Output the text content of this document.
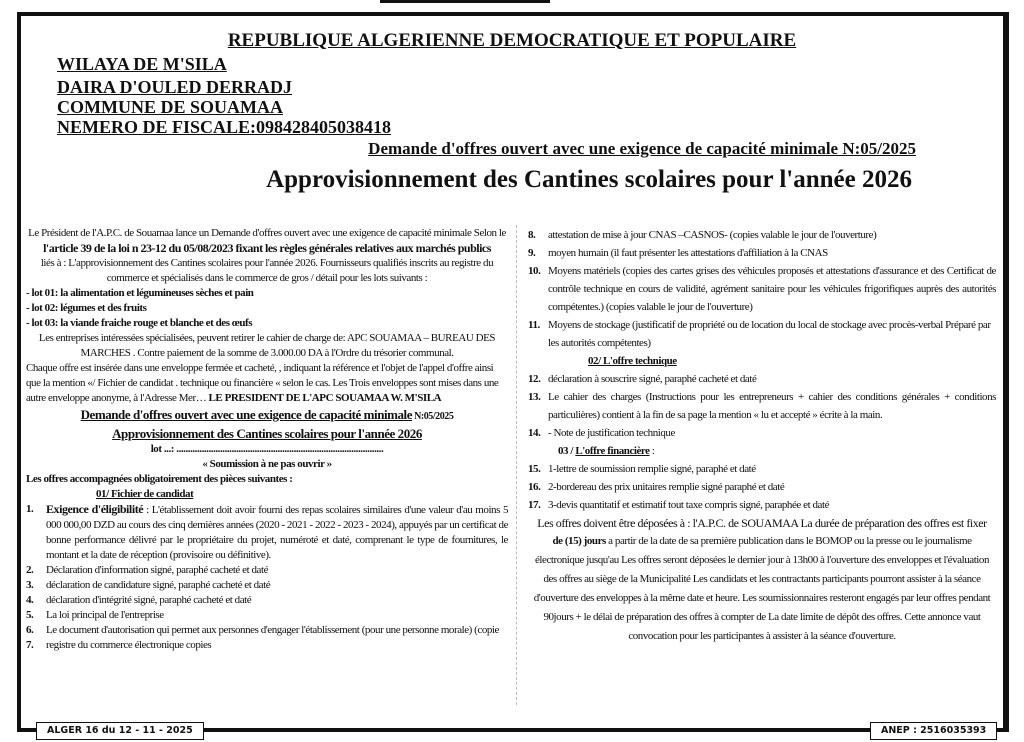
REPUBLIQUE ALGERIENNE DEMOCRATIQUE ET POPULAIRE
WILAYA DE M'SILA
DAIRA D'OULED DERRADJ
COMMUNE DE SOUAMAA
NEMERO DE FISCALE:098428405038418
Demande d'offres ouvert avec une exigence de capacité minimale N:05/2025
Approvisionnement des Cantines scolaires pour l'année 2026
Le Président de l'A.P.C. de Souamaa lance un Demande d'offres ouvert avec une exigence de capacité minimale Selon le
l'article 39 de la loi n 23-12 du 05/08/2023 fixant les règles générales relatives aux marchés publics
liés à : L'approvisionnement des Cantines scolaires pour l'année 2026. Fournisseurs qualifiés inscrits au registre du commerce et spécialisés dans le commerce de gros / détail pour les lots suivants :
- lot 01: la alimentation et légumineuses sèches et pain
- lot 02: légumes et des fruits
- lot 03: la viande fraiche rouge et blanche et des œufs
Les entreprises intéressées spécialisées, peuvent retirer le cahier de charge de: APC SOUAMAA – BUREAU DES MARCHES . Contre paiement de la somme de 3.000.00 DA à l'Ordre du trésorier communal.
Chaque offre est insérée dans une enveloppe fermée et cacheté, , indiquant la référence et l'objet de l'appel d'offre ainsi que la mention «/ Fichier de candidat . technique ou financière « selon le cas. Les Trois enveloppes sont mises dans une autre enveloppe anonyme, à l'Adresse Mer… LE PRESIDENT DE L'APC SOUAMAA W. M'SILA
Demande d'offres ouvert avec une exigence de capacité minimale N:05/2025
Approvisionnement des Cantines scolaires pour l'année 2026
lot ...: ..........................................................................................
« Soumission à ne pas ouvrir »
Les offres accompagnées obligatoirement des pièces suivantes :
01/ Fichier de candidat
1.	Exigence d'éligibilité : L'établissement doit avoir fourni des repas scolaires similaires d'une valeur d'au moins 5 000 000,00 DZD au cours des cinq dernières années (2020 - 2021 - 2022 - 2023 - 2024), appuyés par un certificat de bonne performance délivré par le propriétaire du projet, numéroté et daté, comprenant le type de fournitures, le montant et la date de réception (provisoire ou définitive).
2.	Déclaration d'information signé, paraphé cacheté et daté
3.	déclaration de candidature signé, paraphé cacheté et daté
4.	déclaration d'intégrité signé, paraphé cacheté et daté
5.	La loi principal de l'entreprise
6.	Le document d'autorisation qui permet aux personnes d'engager l'établissement (pour une personne morale) (copie
7.	registre du commerce électronique copies
8.	attestation de mise à jour CNAS –CASNOS- (copies valable le jour de l'ouverture)
9.	moyen humain (il faut présenter les attestations d'affiliation à la CNAS
10. Moyens matériels (copies des cartes grises des véhicules proposés et attestations d'assurance et des Certificat de contrôle technique en cours de validité, agrément sanitaire pour les véhicules frigorifiques auprès des autorités compétentes.) (copies valable le jour de l'ouverture)
11. Moyens de stockage (justificatif de propriété ou de location du local de stockage avec procès-verbal Préparé par les autorités compétentes)
02/ L'offre technique
12. déclaration à souscrire signé, paraphé cacheté et daté
13. Le cahier des charges (Instructions pour les entrepreneurs + cahier des conditions générales + conditions particulières) contient à la fin de sa page la mention « lu et accepté » écrite à la main.
14. - Note de justification technique
03 / L'offre financière :
15. 1-lettre de soumission remplie signé, paraphé et daté
16. 2-bordereau des prix unitaires remplie signé paraphé et daté
17. 3-devis quantitatif et estimatif tout taxe compris signé, paraphée et daté
Les offres doivent être déposées à : l'A.P.C. de SOUAMAA La durée de préparation des offres est fixer
de (15) jours a partir de la date de sa première publication dans le BOMOP ou la presse ou le journalisme électronique jusqu'au Les offres seront déposées le dernier jour à 13h00 à l'ouverture des enveloppes et l'évaluation des offres au siège de la Municipalité Les candidats et les contractants participants pourront assister à la séance d'ouverture des enveloppes à la même date et heure. Les soumissionnaires resteront engagés par leur offres pendant 90jours + le délai de préparation des offres à compter de La date limite de dépôt des offres. Cette annonce vaut convocation pour les participantes à assister à la séance d'ouverture.
ALGER 16 du 12 - 11 - 2025	ANEP : 2516035393
